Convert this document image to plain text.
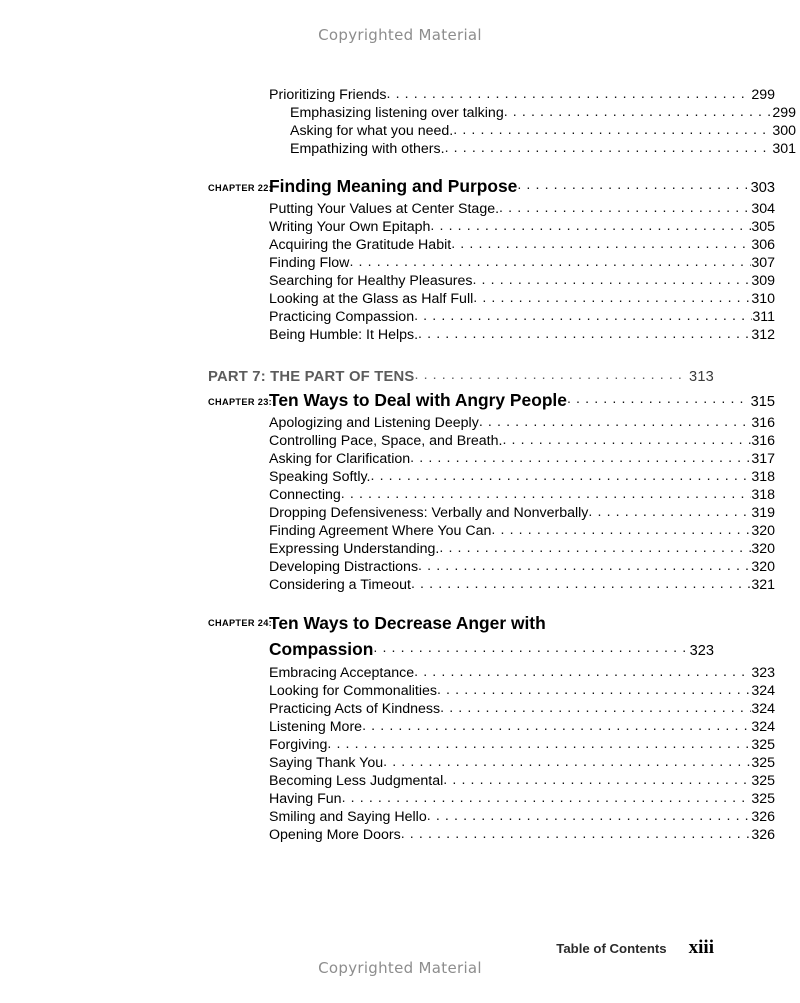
Copyrighted Material
Prioritizing Friends . . .	299
Emphasizing listening over talking . . .	299
Asking for what you need. . . .	300
Empathizing with others. . . .	301
CHAPTER 22:
Finding Meaning and Purpose . . .	303
Putting Your Values at Center Stage. . . .	304
Writing Your Own Epitaph . . .	305
Acquiring the Gratitude Habit . . .	306
Finding Flow . . .	307
Searching for Healthy Pleasures . . .	309
Looking at the Glass as Half Full . . .	310
Practicing Compassion . . .	311
Being Humble: It Helps. . . .	312
PART 7: THE PART OF TENS . . .	313
CHAPTER 23:
Ten Ways to Deal with Angry People . . .	315
Apologizing and Listening Deeply . . .	316
Controlling Pace, Space, and Breath. . . .	316
Asking for Clarification . . .	317
Speaking Softly. . . .	318
Connecting . . .	318
Dropping Defensiveness: Verbally and Nonverbally . . .	319
Finding Agreement Where You Can . . .	320
Expressing Understanding. . . .	320
Developing Distractions . . .	320
Considering a Timeout . . .	321
CHAPTER 24:
Ten Ways to Decrease Anger with
Compassion . . .	323
Embracing Acceptance . . .	323
Looking for Commonalities . . .	324
Practicing Acts of Kindness . . .	324
Listening More . . .	324
Forgiving . . .	325
Saying Thank You . . .	325
Becoming Less Judgmental . . .	325
Having Fun . . .	325
Smiling and Saying Hello . . .	326
Opening More Doors . . .	326
Table of Contents xiii
Copyrighted Material
